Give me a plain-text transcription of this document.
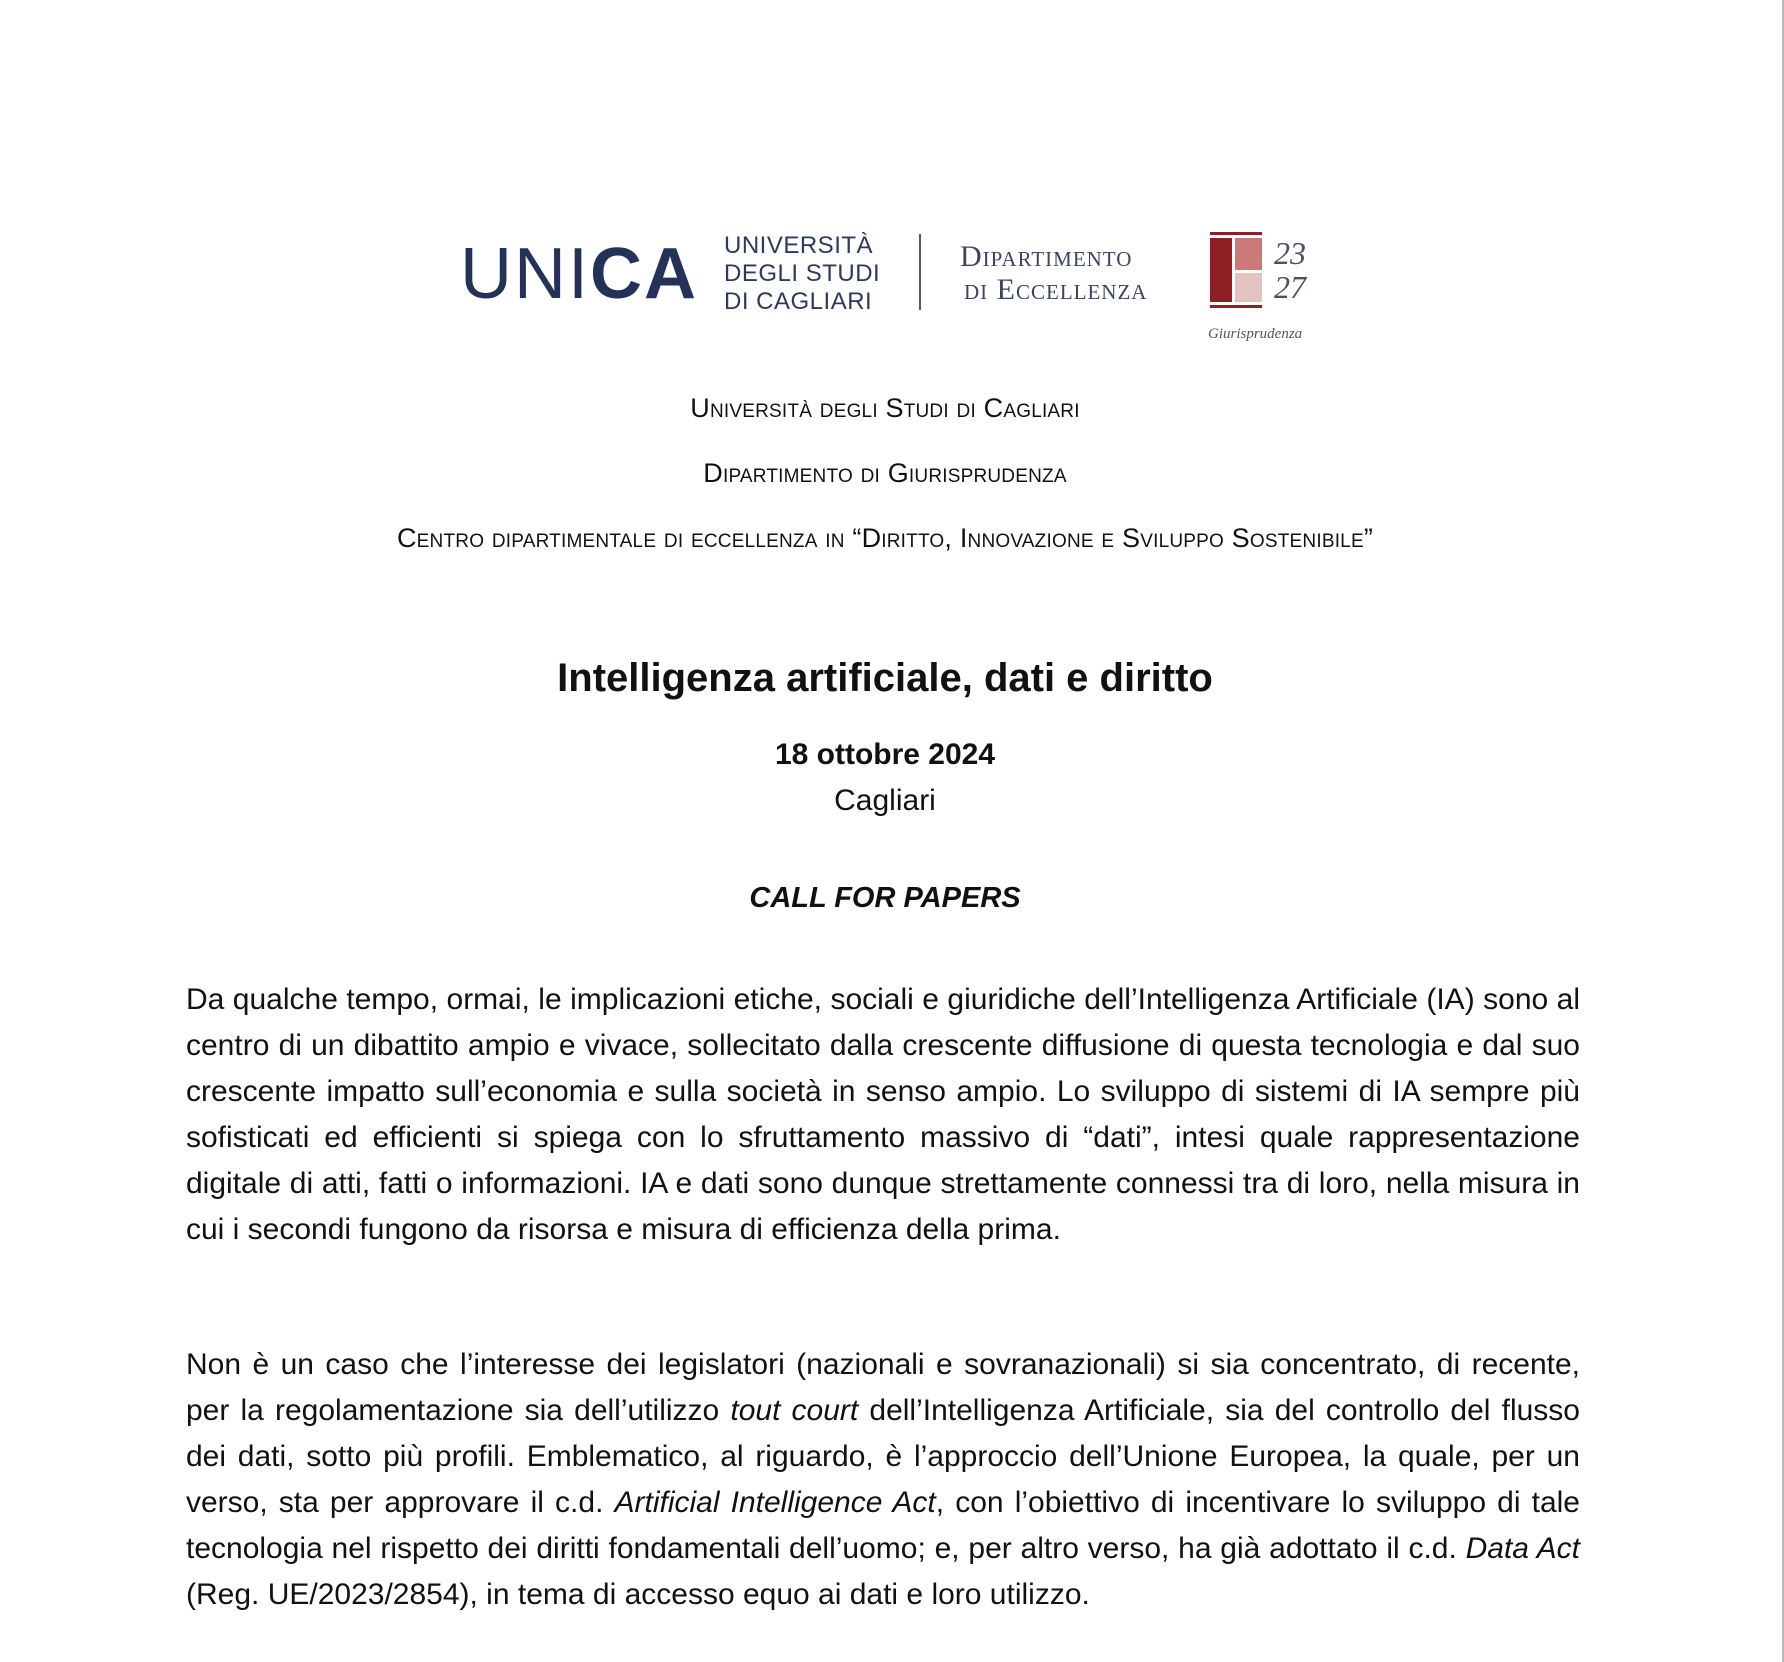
UNICA UNIVERSITÀ
DEGLI STUDI
DI CAGLIARI
Dipartimento
di Eccellenza
23
27
Giurisprudenza
Università degli Studi di Cagliari
Dipartimento di Giurisprudenza
Centro dipartimentale di eccellenza in “Diritto, Innovazione e Sviluppo Sostenibile”
Intelligenza artificiale, dati e diritto
18 ottobre 2024
Cagliari
CALL FOR PAPERS

Da qualche tempo, ormai, le implicazioni etiche, sociali e giuridiche dell’Intelligenza Artificiale (IA) sono al centro di un dibattito ampio e vivace, sollecitato dalla crescente diffusione di questa tecnologia e dal suo crescente impatto sull’economia e sulla società in senso ampio. Lo sviluppo di sistemi di IA sempre più sofisticati ed efficienti si spiega con lo sfruttamento massivo di “dati”, intesi quale rappresentazione digitale di atti, fatti o informazioni. IA e dati sono dunque strettamente connessi tra di loro, nella misura in cui i secondi fungono da risorsa e misura di efficienza della prima.

Non è un caso che l’interesse dei legislatori (nazionali e sovranazionali) si sia concentrato, di recente, per la regolamentazione sia dell’utilizzo tout court dell’Intelligenza Artificiale, sia del controllo del flusso dei dati, sotto più profili. Emblematico, al riguardo, è l’approccio dell’Unione Europea, la quale, per un verso, sta per approvare il c.d. Artificial Intelligence Act, con l’obiettivo di incentivare lo sviluppo di tale tecnologia nel rispetto dei diritti fondamentali dell’uomo; e, per altro verso, ha già adottato il c.d. Data Act (Reg. UE/2023/2854), in tema di accesso equo ai dati e loro utilizzo.
